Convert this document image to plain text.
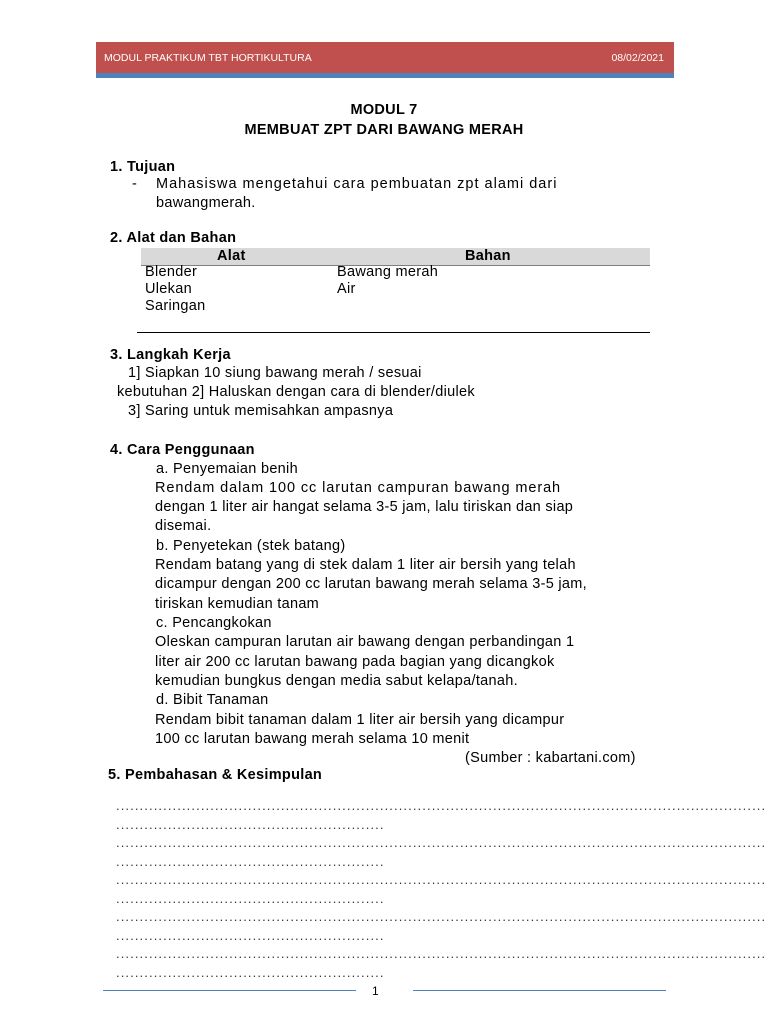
MODUL PRAKTIKUM TBT HORTIKULTURA	08/02/2021
MODUL 7
MEMBUAT ZPT DARI BAWANG MERAH
1. Tujuan
- Mahasiswa mengetahui cara pembuatan zpt alami dari
bawangmerah.
2. Alat dan Bahan
Alat	Bahan
Blender	Bawang merah
Ulekan	Air
Saringan
3. Langkah Kerja
1] Siapkan 10 siung bawang merah / sesuai
kebutuhan 2] Haluskan dengan cara di blender/diulek
3] Saring untuk memisahkan ampasnya
4. Cara Penggunaan
a. Penyemaian benih
Rendam dalam 100 cc larutan campuran bawang merah
dengan 1 liter air hangat selama 3-5 jam, lalu tiriskan dan siap
disemai.
b. Penyetekan (stek batang)
Rendam batang yang di stek dalam 1 liter air bersih yang telah
dicampur dengan 200 cc larutan bawang merah selama 3-5 jam,
tiriskan kemudian tanam
c. Pencangkokan
Oleskan campuran larutan air bawang dengan perbandingan 1
liter air 200 cc larutan bawang pada bagian yang dicangkok
kemudian bungkus dengan media sabut kelapa/tanah.
d. Bibit Tanaman
Rendam bibit tanaman dalam 1 liter air bersih yang dicampur
100 cc larutan bawang merah selama 10 menit
(Sumber : kabartani.com)
5. Pembahasan & Kesimpulan
..........................................................................................................................................
.........................................................
..........................................................................................................................................
.........................................................
..........................................................................................................................................
.........................................................
..........................................................................................................................................
.........................................................
..........................................................................................................................................
.........................................................
1
